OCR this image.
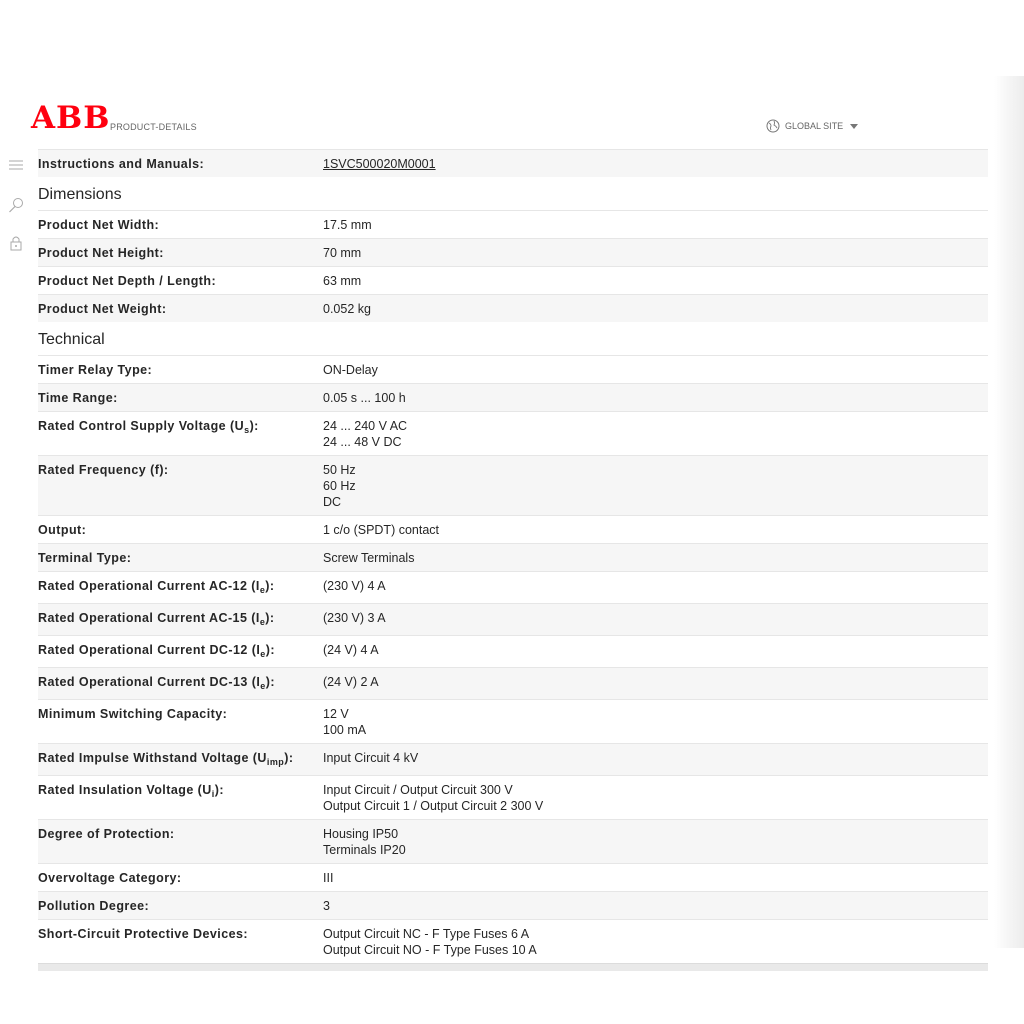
ABB PRODUCT-DETAILS	GLOBAL SITE
Instructions and Manuals:	1SVC500020M0001
Dimensions
Product Net Width:	17.5 mm
Product Net Height:	70 mm
Product Net Depth / Length:	63 mm
Product Net Weight:	0.052 kg
Technical
Timer Relay Type:	ON-Delay
Time Range:	0.05 s ... 100 h
Rated Control Supply Voltage $(U_s)$:	24 ... 240 V AC
24 ... 48 V DC
Rated Frequency (f):	50 Hz
60 Hz
DC
Output:	1 c/o (SPDT) contact
Terminal Type:	Screw Terminals
Rated Operational Current AC-12 $(I_e)$:	(230 V) 4 A
Rated Operational Current AC-15 $(I_e)$:	(230 V) 3 A
Rated Operational Current DC-12 $(I_e)$:	(24 V) 4 A
Rated Operational Current DC-13 $(I_e)$:	(24 V) 2 A
Minimum Switching Capacity:	12 V
100 mA
Rated Impulse Withstand Voltage $(U_{imp})$:	Input Circuit 4 kV
Rated Insulation Voltage $(U_i)$:	Input Circuit / Output Circuit 300 V
Output Circuit 1 / Output Circuit 2 300 V
Degree of Protection:	Housing IP50
Terminals IP20
Overvoltage Category:	III
Pollution Degree:	3
Short-Circuit Protective Devices:	Output Circuit NC - F Type Fuses 6 A
Output Circuit NO - F Type Fuses 10 A
